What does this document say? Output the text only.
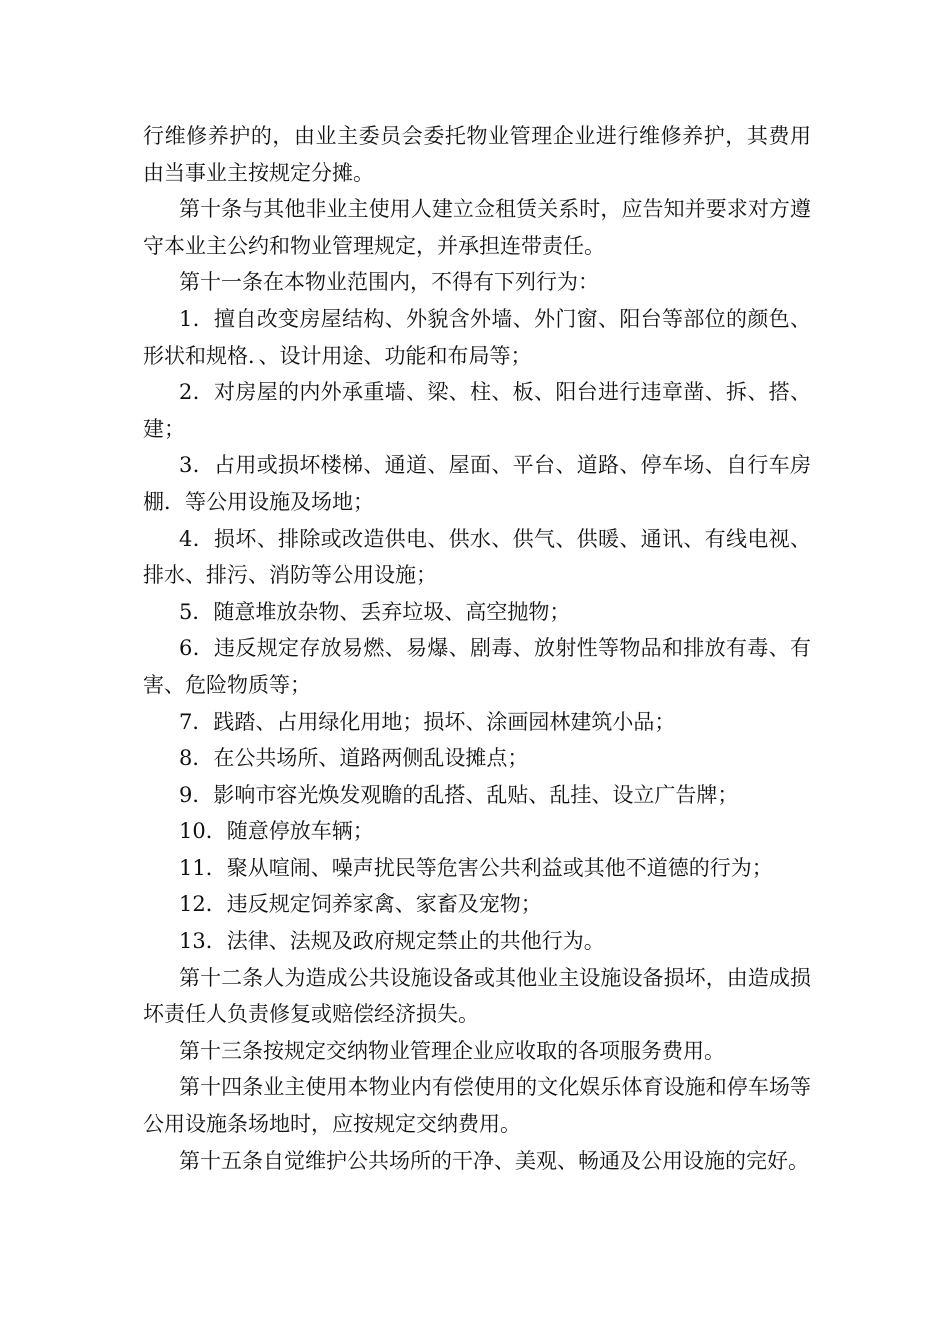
行维修养护的，由业主委员会委托物业管理企业进行维修养护，其费用由当事业主按规定分摊。

第十条与其他非业主使用人建立佥租赁关系时，应告知并要求对方遵守本业主公约和物业管理规定，并承担连带责任。

第十一条在本物业范围内，不得有下列行为：

1．擅自改变房屋结构、外貌含外墙、外门窗、阳台等部位的颜色、形状和规格．、设计用途、功能和布局等；

2．对房屋的内外承重墙、梁、柱、板、阳台进行违章凿、拆、搭、建；

3．占用或损坏楼梯、通道、屋面、平台、道路、停车场、自行车房棚．等公用设施及场地；

4．损坏、排除或改造供电、供水、供气、供暖、通讯、有线电视、排水、排污、消防等公用设施；

5．随意堆放杂物、丢弃垃圾、高空抛物；

6．违反规定存放易燃、易爆、剧毒、放射性等物品和排放有毒、有害、危险物质等；

7．践踏、占用绿化用地；损坏、涂画园林建筑小品；

8．在公共场所、道路两侧乱设摊点；

9．影响市容光焕发观瞻的乱搭、乱贴、乱挂、设立广告牌；

10．随意停放车辆；

11．聚从喧闹、噪声扰民等危害公共利益或其他不道德的行为；

12．违反规定饲养家禽、家畜及宠物；

13．法律、法规及政府规定禁止的共他行为。

第十二条人为造成公共设施设备或其他业主设施设备损坏，由造成损坏责任人负责修复或赔偿经济损失。

第十三条按规定交纳物业管理企业应收取的各项服务费用。

第十四条业主使用本物业内有偿使用的文化娱乐体育设施和停车场等公用设施条场地时，应按规定交纳费用。

第十五条自觉维护公共场所的干净、美观、畅通及公用设施的完好。
